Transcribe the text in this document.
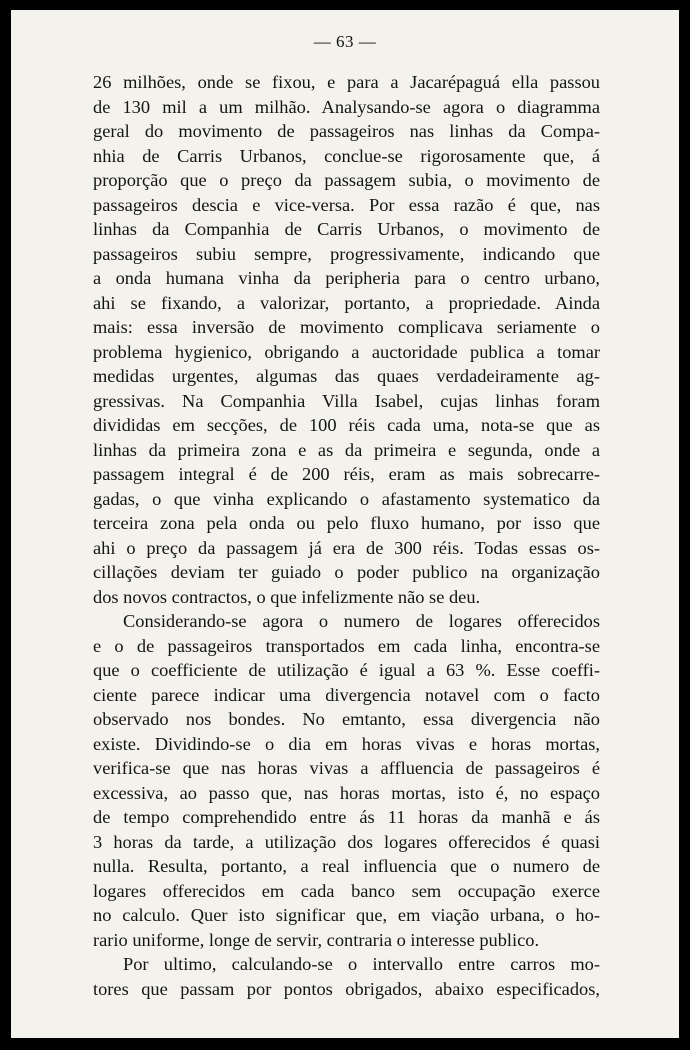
— 63 —

26 milhões, onde se fixou, e para a Jacarépaguá ella passou
de 130 mil a um milhão. Analysando-se agora o diagramma
geral do movimento de passageiros nas linhas da Compa-
nhia de Carris Urbanos, conclue-se rigorosamente que, á
proporção que o preço da passagem subia, o movimento de
passageiros descia e vice-versa. Por essa razão é que, nas
linhas da Companhia de Carris Urbanos, o movimento de
passageiros subiu sempre, progressivamente, indicando que
a onda humana vinha da peripheria para o centro urbano,
ahi se fixando, a valorizar, portanto, a propriedade. Ainda
mais: essa inversão de movimento complicava seriamente o
problema hygienico, obrigando a auctoridade publica a tomar
medidas urgentes, algumas das quaes verdadeiramente ag-
gressivas. Na Companhia Villa Isabel, cujas linhas foram
divididas em secções, de 100 réis cada uma, nota-se que as
linhas da primeira zona e as da primeira e segunda, onde a
passagem integral é de 200 réis, eram as mais sobrecarre-
gadas, o que vinha explicando o afastamento systematico da
terceira zona pela onda ou pelo fluxo humano, por isso que
ahi o preço da passagem já era de 300 réis. Todas essas os-
cillações deviam ter guiado o poder publico na organização
dos novos contractos, o que infelizmente não se deu.

Considerando-se agora o numero de logares offerecidos
e o de passageiros transportados em cada linha, encontra-se
que o coefficiente de utilização é igual a 63 %. Esse coeffi-
ciente parece indicar uma divergencia notavel com o facto
observado nos bondes. No emtanto, essa divergencia não
existe. Dividindo-se o dia em horas vivas e horas mortas,
verifica-se que nas horas vivas a affluencia de passageiros é
excessiva, ao passo que, nas horas mortas, isto é, no espaço
de tempo comprehendido entre ás 11 horas da manhã e ás
3 horas da tarde, a utilização dos logares offerecidos é quasi
nulla. Resulta, portanto, a real influencia que o numero de
logares offerecidos em cada banco sem occupação exerce
no calculo. Quer isto significar que, em viação urbana, o ho-
rario uniforme, longe de servir, contraria o interesse publico.

Por ultimo, calculando-se o intervallo entre carros mo-
tores que passam por pontos obrigados, abaixo especificados,
